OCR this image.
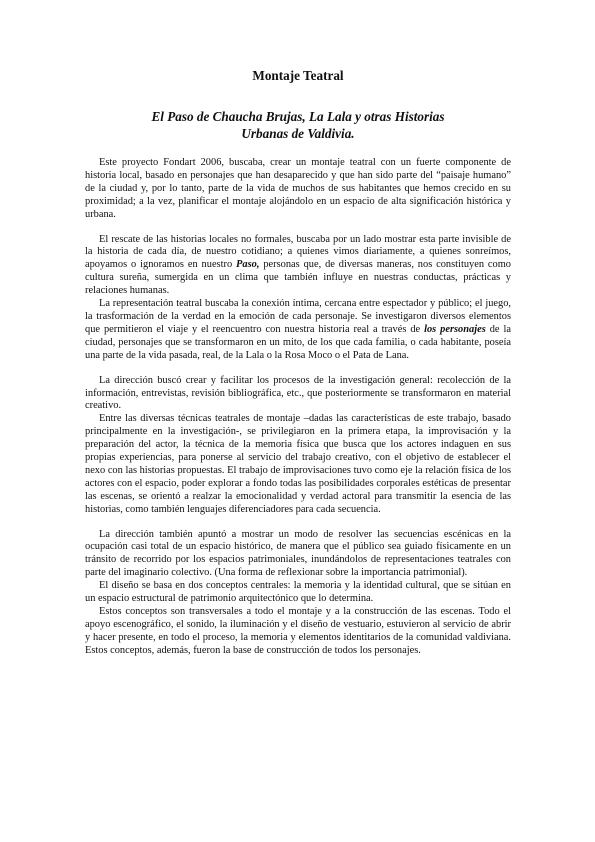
Montaje Teatral
El Paso de Chaucha Brujas, La Lala y otras Historias
Urbanas de Valdivia.

Este proyecto Fondart 2006, buscaba, crear un montaje teatral con un fuerte componente de historia local, basado en personajes que han desaparecido y que han sido parte del “paisaje humano” de la ciudad y, por lo tanto, parte de la vida de muchos de sus habitantes que hemos crecido en su proximidad; a la vez, planificar el montaje alojándolo en un espacio de alta significación histórica y urbana.

El rescate de las historias locales no formales, buscaba por un lado mostrar esta parte invisible de la historia de cada día, de nuestro cotidiano; a quienes vimos diariamente, a quienes sonreímos, apoyamos o ignoramos en nuestro Paso, personas que, de diversas maneras, nos constituyen como cultura sureña, sumergida en un clima que también influye en nuestras conductas, prácticas y relaciones humanas.

La representación teatral buscaba la conexión íntima, cercana entre espectador y público; el juego, la trasformación de la verdad en la emoción de cada personaje. Se investigaron diversos elementos que permitieron el viaje y el reencuentro con nuestra historia real a través de los personajes de la ciudad, personajes que se transformaron en un mito, de los que cada familia, o cada habitante, poseía una parte de la vida pasada, real, de la Lala o la Rosa Moco o el Pata de Lana.

La dirección buscó crear y facilitar los procesos de la investigación general: recolección de la información, entrevistas, revisión bibliográfica, etc., que posteriormente se transformaron en material creativo.

Entre las diversas técnicas teatrales de montaje –dadas las características de este trabajo, basado principalmente en la investigación-, se privilegiaron en la primera etapa, la improvisación y la preparación del actor, la técnica de la memoria física que busca que los actores indaguen en sus propias experiencias, para ponerse al servicio del trabajo creativo, con el objetivo de establecer el nexo con las historias propuestas. El trabajo de improvisaciones tuvo como eje la relación física de los actores con el espacio, poder explorar a fondo todas las posibilidades corporales estéticas de presentar las escenas, se orientó a realzar la emocionalidad y verdad actoral para transmitir la esencia de las historias, como también lenguajes diferenciadores para cada secuencia.

La dirección también apuntó a mostrar un modo de resolver las secuencias escénicas en la ocupación casi total de un espacio histórico, de manera que el público sea guiado físicamente en un tránsito de recorrido por los espacios patrimoniales, inundándolos de representaciones teatrales con parte del imaginario colectivo. (Una forma de reflexionar sobre la importancia patrimonial).

El diseño se basa en dos conceptos centrales: la memoria y la identidad cultural, que se sitúan en un espacio estructural de patrimonio arquitectónico que lo determina.

Estos conceptos son transversales a todo el montaje y a la construcción de las escenas. Todo el apoyo escenográfico, el sonido, la iluminación y el diseño de vestuario, estuvieron al servicio de abrir y hacer presente, en todo el proceso, la memoria y elementos identitarios de la comunidad valdiviana. Estos conceptos, además, fueron la base de construcción de todos los personajes.
